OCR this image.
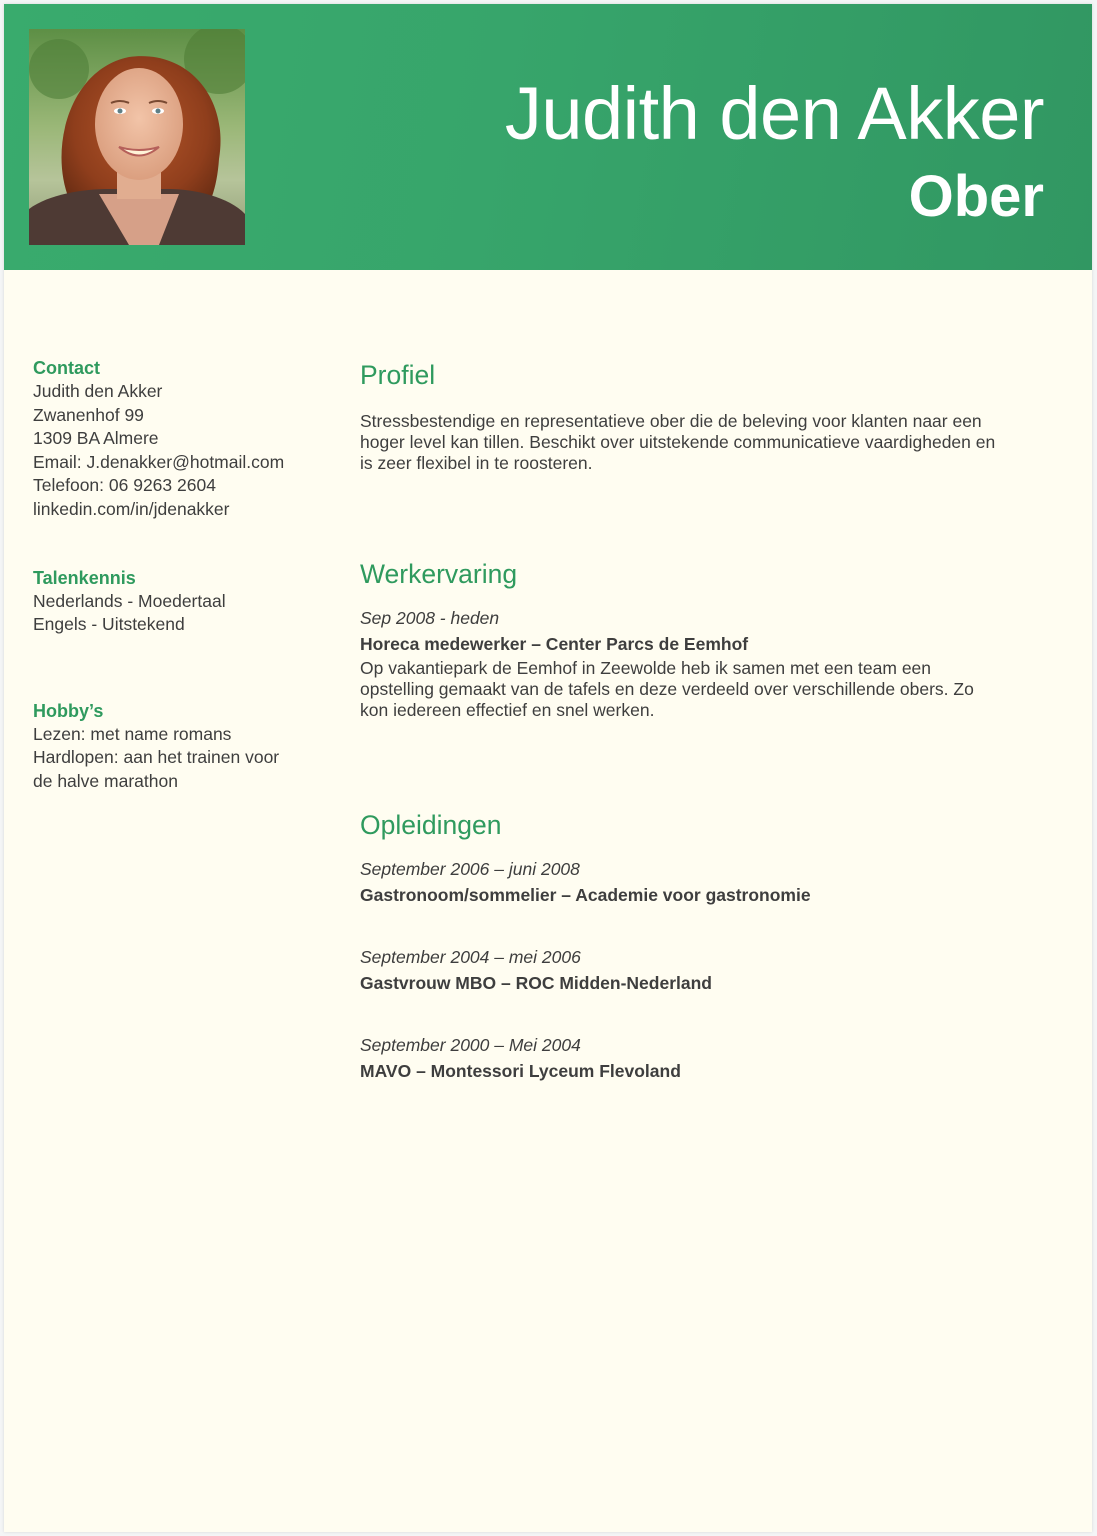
Judith den Akker
Ober
Contact
Judith den Akker
Zwanenhof 99
1309 BA Almere
Email: J.denakker@hotmail.com
Telefoon: 06 9263 2604
linkedin.com/in/jdenakker
Talenkennis
Nederlands - Moedertaal
Engels - Uitstekend
Hobby’s
Lezen: met name romans
Hardlopen: aan het trainen voor de halve marathon
Profiel

Stressbestendige en representatieve ober die de beleving voor klanten naar een hoger level kan tillen. Beschikt over uitstekende communicatieve vaardigheden en is zeer flexibel in te roosteren.

Werkervaring
Sep 2008 - heden
Horeca medewerker – Center Parcs de Eemhof

Op vakantiepark de Eemhof in Zeewolde heb ik samen met een team een opstelling gemaakt van de tafels en deze verdeeld over verschillende obers. Zo kon iedereen effectief en snel werken.

Opleidingen
September 2006 – juni 2008
Gastronoom/sommelier – Academie voor gastronomie
September 2004 – mei 2006
Gastvrouw MBO – ROC Midden-Nederland
September 2000 – Mei 2004
MAVO – Montessori Lyceum Flevoland
